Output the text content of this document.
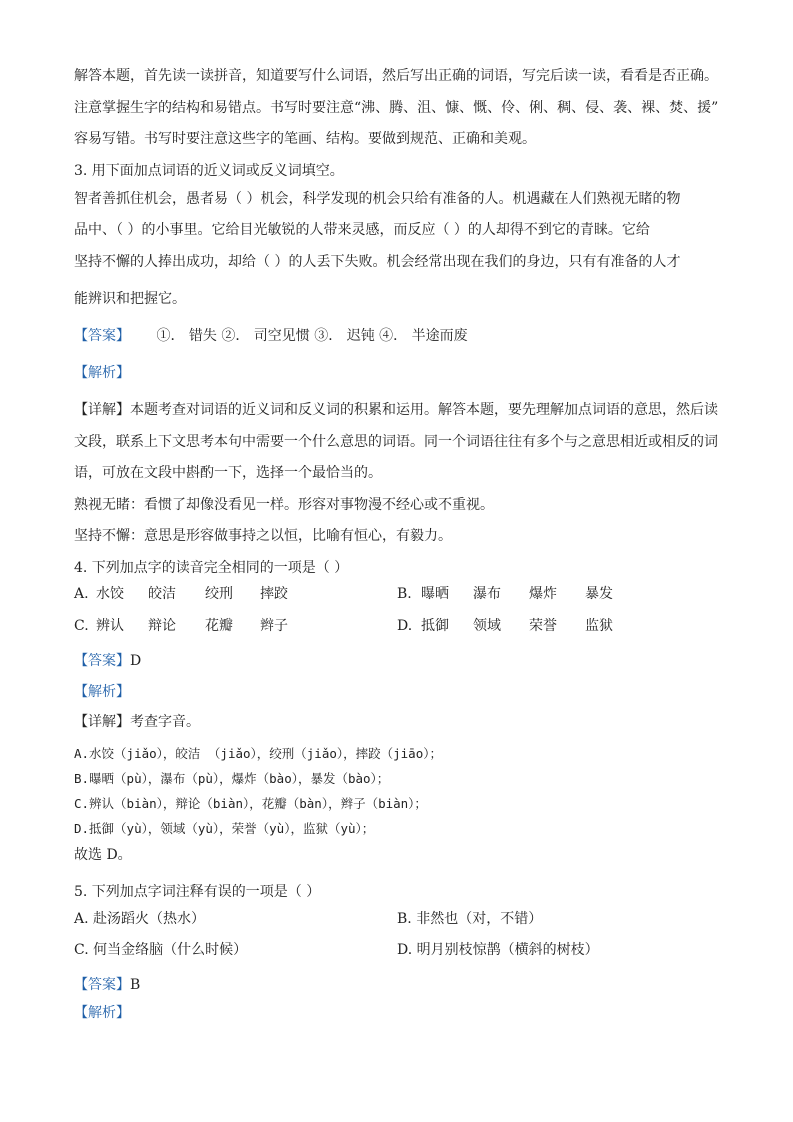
解答本题，首先读一读拼音，知道要写什么词语，然后写出正确的词语，写完后读一读，看看是否正确。
注意掌握生字的结构和易错点。书写时要注意“沸、腾、沮、慷、慨、伶、俐、稠、侵、袭、裸、焚、援”
容易写错。书写时要注意这些字的笔画、结构。要做到规范、正确和美观。
3. 用下面加点词语的近义词或反义词填空。
智者善抓住机会，愚者易（ ）机会，科学发现的机会只给有准备的人。机遇藏在人们熟视无睹的物
品中、（ ）的小事里。它给目光敏锐的人带来灵感，而反应（ ）的人却得不到它的青睐。它给
坚持不懈的人捧出成功，却给（ ）的人丢下失败。机会经常出现在我们的身边，只有有准备的人才
能辨识和把握它。
【答案】 ①． 错失 ②． 司空见惯 ③． 迟钝 ④． 半途而废
【解析】
【详解】本题考查对词语的近义词和反义词的积累和运用。解答本题，要先理解加点词语的意思，然后读
文段，联系上下文思考本句中需要一个什么意思的词语。同一个词语往往有多个与之意思相近或相反的词
语，可放在文段中斟酌一下，选择一个最恰当的。
熟视无睹：看惯了却像没看见一样。形容对事物漫不经心或不重视。
坚持不懈：意思是形容做事持之以恒，比喻有恒心，有毅力。
4. 下列加点字的读音完全相同的一项是（ ）
A. 水饺 皎洁 绞刑 摔跤	B. 曝晒 瀑布 爆炸 暴发
C. 辨认 辩论 花瓣 辫子	D. 抵御 领域 荣誉 监狱
【答案】D
【解析】
【详解】考查字音。
A.水饺（jiǎo），皎洁 （jiǎo），绞刑（jiǎo），摔跤（jiāo）；
B.曝晒（pù），瀑布（pù），爆炸（bào），暴发（bào）；
C.辨认（biàn），辩论（biàn），花瓣（bàn），辫子（biàn）；
D.抵御（yù），领域（yù），荣誉（yù），监狱（yù）；
故选 D。
5. 下列加点字词注释有误的一项是（ ）
A. 赴汤蹈火（热水）	B. 非然也（对，不错）
C. 何当金络脑（什么时候）	D. 明月别枝惊鹊（横斜的树枝）
【答案】B
【解析】
